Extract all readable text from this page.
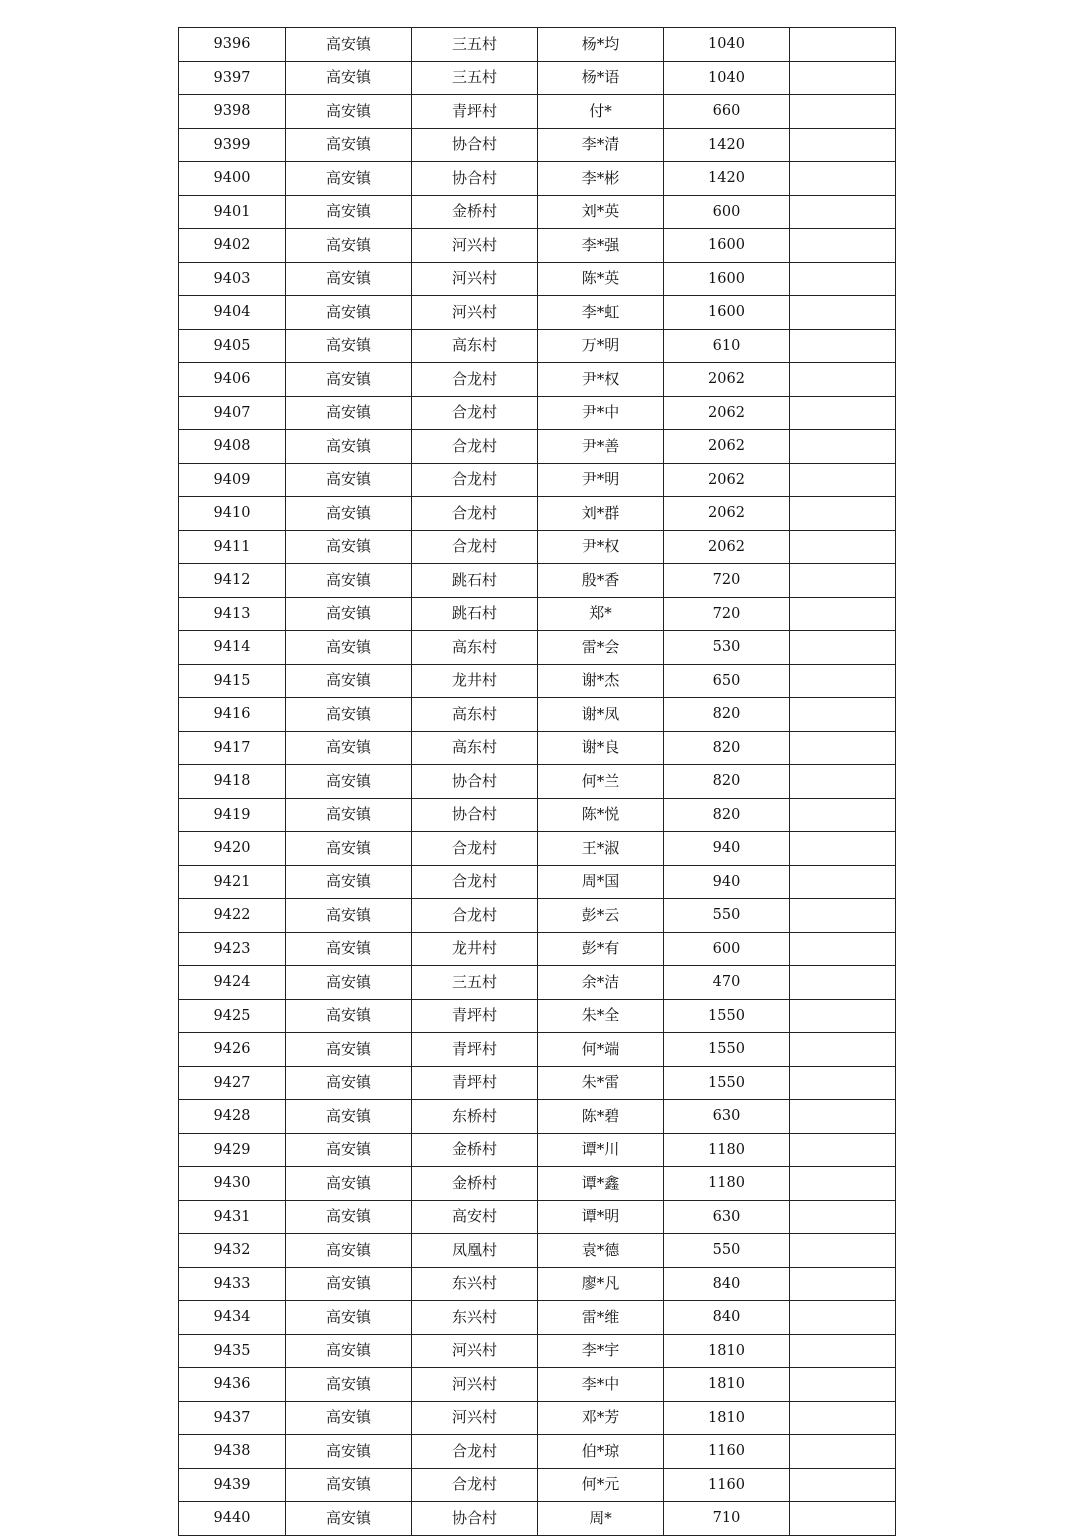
9396	高安镇	三五村	杨*均	1040	
9397	高安镇	三五村	杨*语	1040	
9398	高安镇	青坪村	付*	660	
9399	高安镇	协合村	李*清	1420	
9400	高安镇	协合村	李*彬	1420	
9401	高安镇	金桥村	刘*英	600	
9402	高安镇	河兴村	李*强	1600	
9403	高安镇	河兴村	陈*英	1600	
9404	高安镇	河兴村	李*虹	1600	
9405	高安镇	高东村	万*明	610	
9406	高安镇	合龙村	尹*权	2062	
9407	高安镇	合龙村	尹*中	2062	
9408	高安镇	合龙村	尹*善	2062	
9409	高安镇	合龙村	尹*明	2062	
9410	高安镇	合龙村	刘*群	2062	
9411	高安镇	合龙村	尹*权	2062	
9412	高安镇	跳石村	殷*香	720	
9413	高安镇	跳石村	郑*	720	
9414	高安镇	高东村	雷*会	530	
9415	高安镇	龙井村	谢*杰	650	
9416	高安镇	高东村	谢*凤	820	
9417	高安镇	高东村	谢*良	820	
9418	高安镇	协合村	何*兰	820	
9419	高安镇	协合村	陈*悦	820	
9420	高安镇	合龙村	王*淑	940	
9421	高安镇	合龙村	周*国	940	
9422	高安镇	合龙村	彭*云	550	
9423	高安镇	龙井村	彭*有	600	
9424	高安镇	三五村	余*洁	470	
9425	高安镇	青坪村	朱*全	1550	
9426	高安镇	青坪村	何*端	1550	
9427	高安镇	青坪村	朱*雷	1550	
9428	高安镇	东桥村	陈*碧	630	
9429	高安镇	金桥村	谭*川	1180	
9430	高安镇	金桥村	谭*鑫	1180	
9431	高安镇	高安村	谭*明	630	
9432	高安镇	凤凰村	袁*德	550	
9433	高安镇	东兴村	廖*凡	840	
9434	高安镇	东兴村	雷*维	840	
9435	高安镇	河兴村	李*宇	1810	
9436	高安镇	河兴村	李*中	1810	
9437	高安镇	河兴村	邓*芳	1810	
9438	高安镇	合龙村	伯*琼	1160	
9439	高安镇	合龙村	何*元	1160	
9440	高安镇	协合村	周*	710	
